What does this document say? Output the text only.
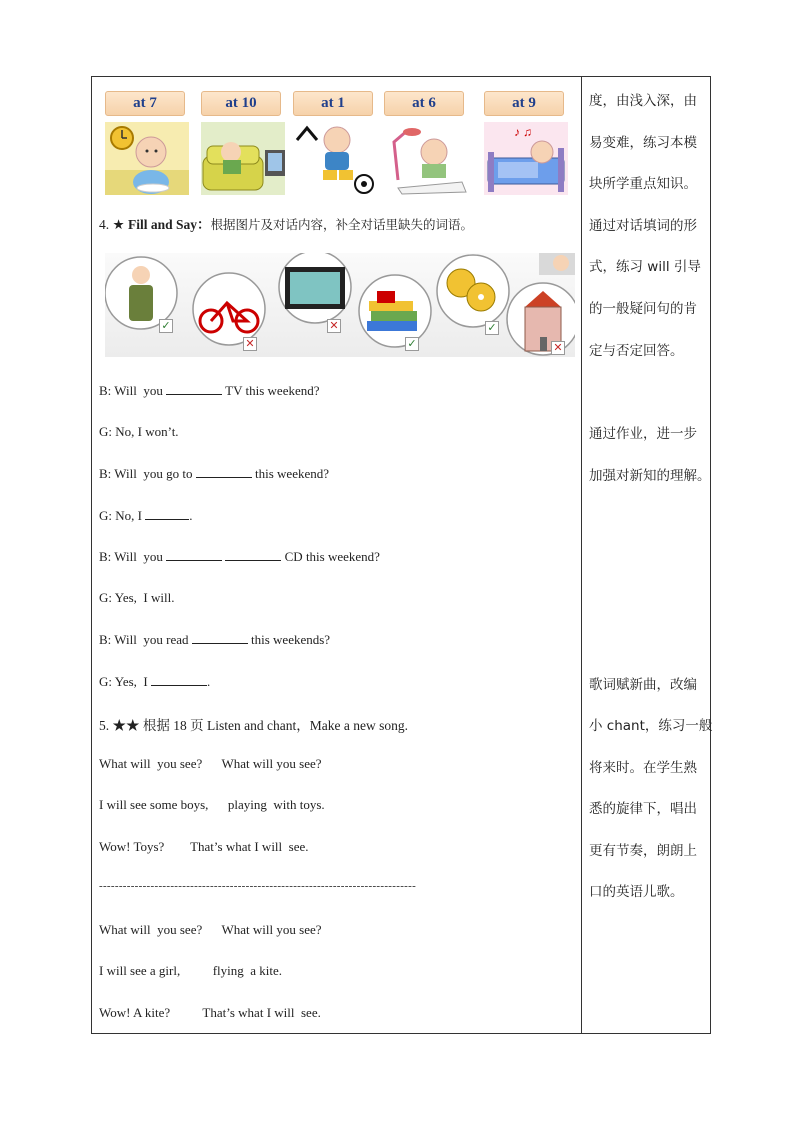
at 7	at 10	at 1	at 6	at 9
♪ ♫
4. ★ Fill and Say：根据图片及对话内容，补全对话里缺失的词语。
✓
✕
✕
✓
✓
✕
B: Will  you	TV this weekend?
G: No, I won’t.
B: Will  you go to	this weekend?
G: No, I	.
B: Will  you	CD this weekend?
G: Yes,  I will.
B: Will  you read	this weekends?
G: Yes,  I	.
5. ★★ 根据 18 页 Listen and chant，Make a new song.
What will  you see?      What will you see?
I will see some boys,      playing  with toys.
Wow! Toys?        That’s what I will  see.
--------------------------------------------------------------------------------
What will  you see?      What will you see?
I will see a girl,          flying  a kite.
Wow! A kite?          That’s what I will  see.
度，由浅入深，由
易变难，练习本模
块所学重点知识。
通过对话填词的形
式，练习 will 引导
的一般疑问句的肯
定与否定回答。
通过作业，进一步
加强对新知的理解。
歌词赋新曲，改编
小 chant，练习一般
将来时。在学生熟
悉的旋律下，唱出
更有节奏，朗朗上
口的英语儿歌。
